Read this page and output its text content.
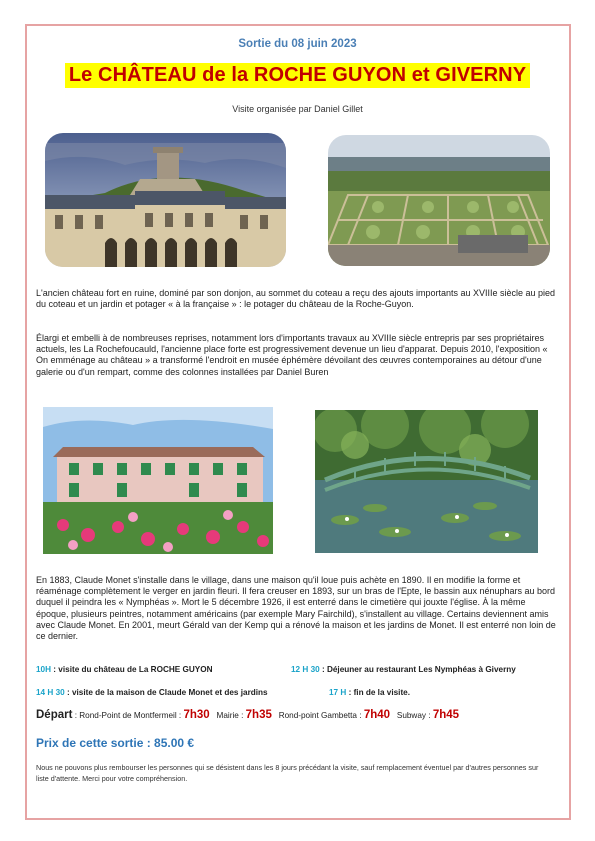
Sortie du 08 juin 2023
Le CHÂTEAU de la ROCHE GUYON et GIVERNY
Visite organisée par Daniel Gillet
L'ancien château fort en ruine, dominé par son donjon, au sommet du coteau a reçu des ajouts importants au XVIIIe siècle au pied du coteau et un jardin et potager « à la française » : le potager du château de la Roche-Guyon.
Élargi et embelli à de nombreuses reprises, notamment lors d'importants travaux au XVIIIe siècle entrepris par ses propriétaires actuels, les La Rochefoucauld, l'ancienne place forte est progressivement devenue un lieu d'apparat. Depuis 2010, l'exposition « On emménage au château » a transformé l'endroit en musée éphémère dévoilant des œuvres contemporaines au détour d'une galerie ou d'un rempart, comme des colonnes installées par Daniel Buren
En 1883, Claude Monet s'installe dans le village, dans une maison qu'il loue puis achète en 1890. Il en modifie la forme et réaménage complètement le verger en jardin fleuri. Il fera creuser en 1893, sur un bras de l'Epte, le bassin aux nénuphars au bord duquel il peindra les « Nymphéas ». Mort le 5 décembre 1926, il est enterré dans le cimetière qui jouxte l'église. À la même époque, plusieurs peintres, notamment américains (par exemple Mary Fairchild), s'installent au village. Certains deviennent amis avec Claude Monet. En 2001, meurt Gérald van der Kemp qui a rénové la maison et les jardins de Monet. Il est enterré non loin de ce dernier.
10H : visite du château de La ROCHE GUYON	12 H 30 : Déjeuner au restaurant Les Nymphéas à Giverny
14 H 30 : visite de la maison de Claude Monet et des jardins	17 H : fin de la visite.
Départ : Rond-Point de Montfermeil : 7h30 Mairie : 7h35 Rond-point Gambetta : 7h40 Subway : 7h45
Prix de cette sortie : 85.00 €
Nous ne pouvons plus rembourser les personnes qui se désistent dans les 8 jours précédant la visite, sauf remplacement éventuel par d'autres personnes sur liste d'attente. Merci pour votre compréhension.
